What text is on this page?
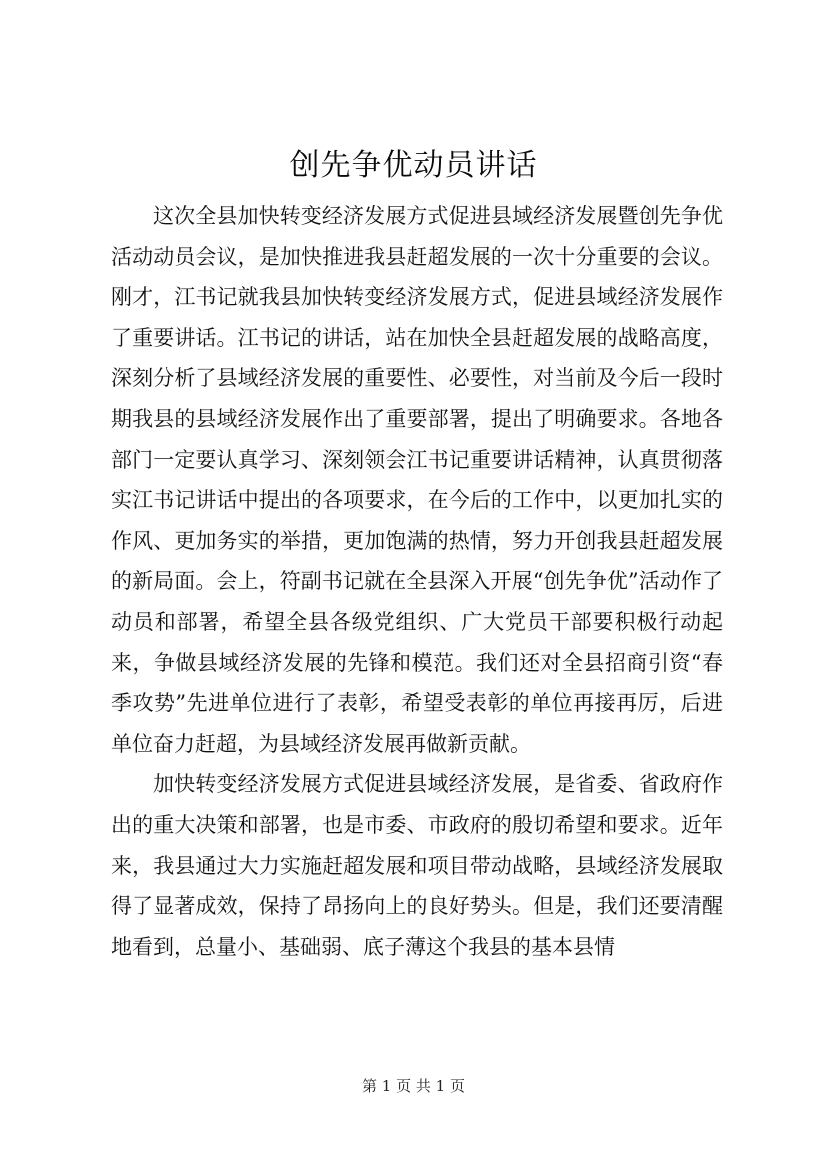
创先争优动员讲话

这次全县加快转变经济发展方式促进县域经济发展暨创先争优活动动员会议，是加快推进我县赶超发展的一次十分重要的会议。刚才，江书记就我县加快转变经济发展方式，促进县域经济发展作了重要讲话。江书记的讲话，站在加快全县赶超发展的战略高度，深刻分析了县域经济发展的重要性、必要性，对当前及今后一段时期我县的县域经济发展作出了重要部署，提出了明确要求。各地各部门一定要认真学习、深刻领会江书记重要讲话精神，认真贯彻落实江书记讲话中提出的各项要求，在今后的工作中，以更加扎实的作风、更加务实的举措，更加饱满的热情，努力开创我县赶超发展的新局面。会上，符副书记就在全县深入开展“创先争优”活动作了动员和部署，希望全县各级党组织、广大党员干部要积极行动起来，争做县域经济发展的先锋和模范。我们还对全县招商引资“春季攻势”先进单位进行了表彰，希望受表彰的单位再接再厉，后进单位奋力赶超，为县域经济发展再做新贡献。

加快转变经济发展方式促进县域经济发展，是省委、省政府作出的重大决策和部署，也是市委、市政府的殷切希望和要求。近年来，我县通过大力实施赶超发展和项目带动战略，县域经济发展取得了显著成效，保持了昂扬向上的良好势头。但是，我们还要清醒地看到，总量小、基础弱、底子薄这个我县的基本县情

第 1 页 共 1 页
